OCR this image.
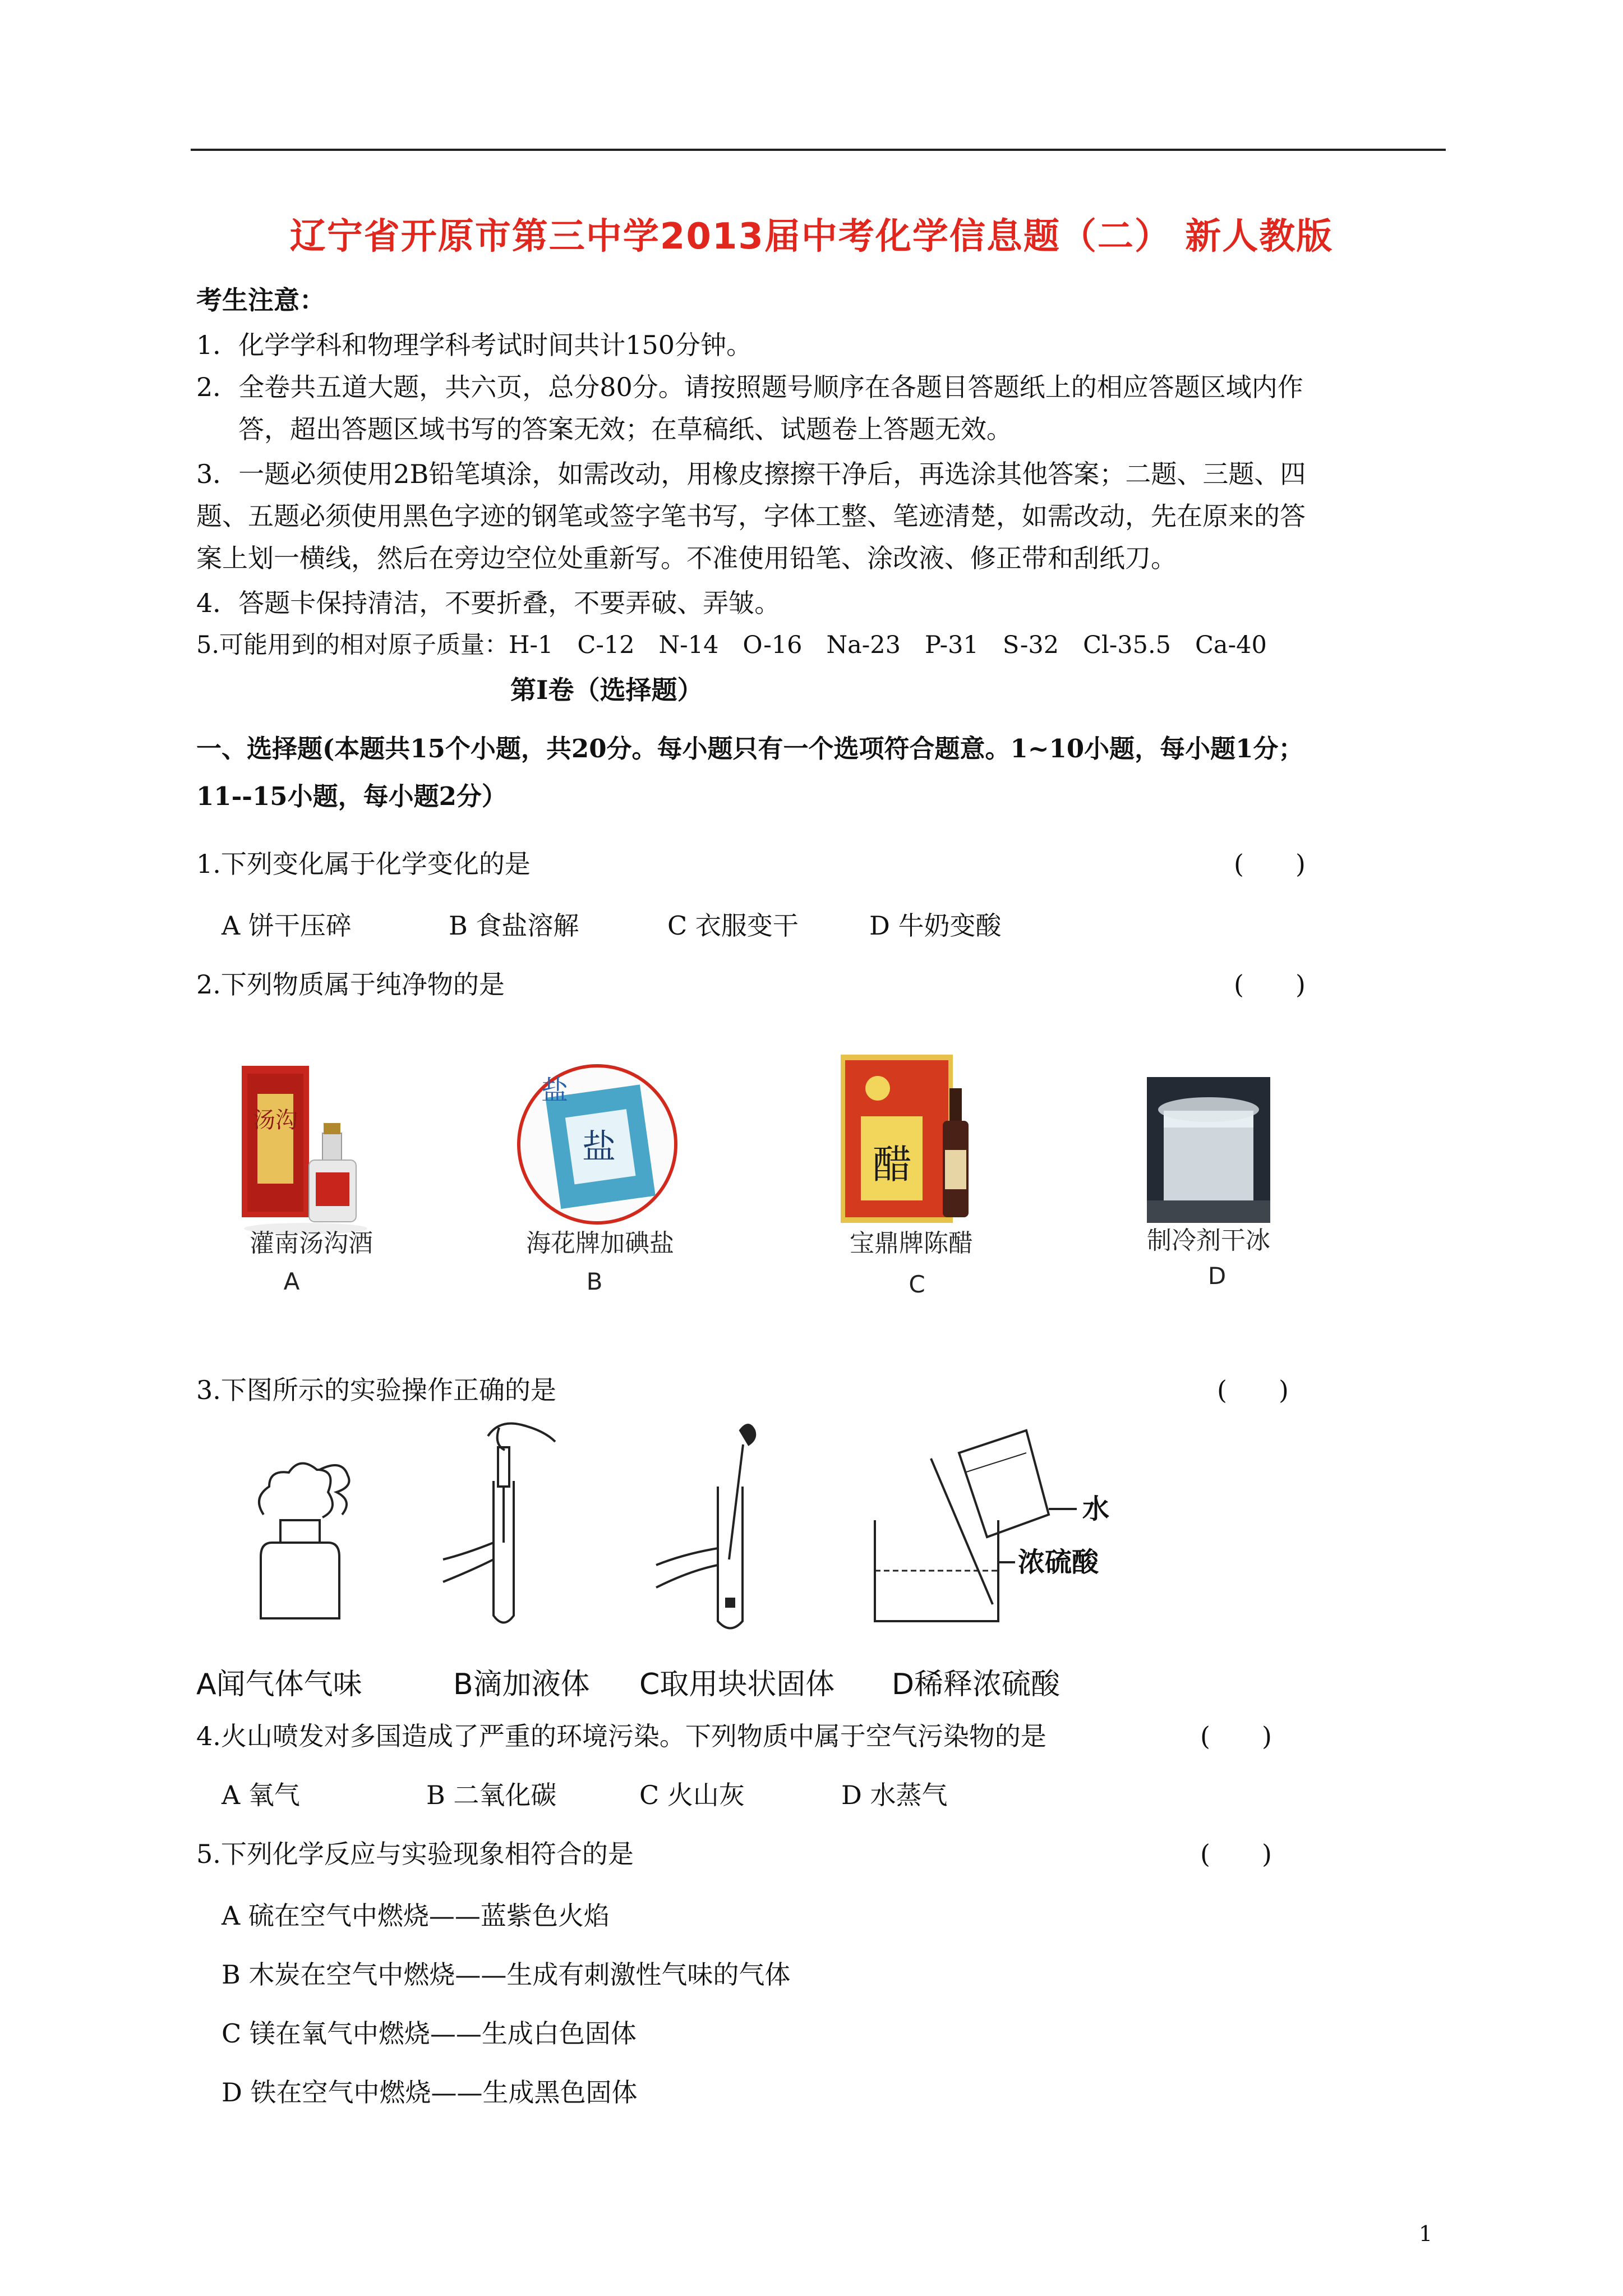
辽宁省开原市第三中学2013届中考化学信息题（二） 新人教版
考生注意：
1．化学学科和物理学科考试时间共计150分钟。
2．全卷共五道大题，共六页，总分80分。请按照题号顺序在各题目答题纸上的相应答题区域内作
答，超出答题区域书写的答案无效；在草稿纸、试题卷上答题无效。
3．一题必须使用2B铅笔填涂，如需改动，用橡皮擦擦干净后，再选涂其他答案；二题、三题、四
题、五题必须使用黑色字迹的钢笔或签字笔书写，字体工整、笔迹清楚，如需改动，先在原来的答
案上划一横线，然后在旁边空位处重新写。不准使用铅笔、涂改液、修正带和刮纸刀。
4．答题卡保持清洁，不要折叠，不要弄破、弄皱。
5.可能用到的相对原子质量：H-1　C-12　N-14　O-16　Na-23　P-31　S-32　Cl-35.5　Ca-40
第Ⅰ卷（选择题）
一、选择题(本题共15个小题，共20分。每小题只有一个选项符合题意。1~10小题，每小题1分；
11--15小题，每小题2分）
1.下列变化属于化学变化的是	(　　)
A 饼干压碎	B 食盐溶解	C 衣服变干	D 牛奶变酸
2.下列物质属于纯净物的是	(　　)
汤沟
灌南汤沟酒
A
盐
盐
海花牌加碘盐
B
醋
宝鼎牌陈醋
C
制冷剂干冰
D
3.下图所示的实验操作正确的是	(　　)
A闻气体气味	B滴加液体 C取用块状固体
水
浓硫酸
D稀释浓硫酸
4.火山喷发对多国造成了严重的环境污染。下列物质中属于空气污染物的是	(　　)
A 氧气	B 二氧化碳	C 火山灰	D 水蒸气
5.下列化学反应与实验现象相符合的是	(　　)
A 硫在空气中燃烧——蓝紫色火焰
B 木炭在空气中燃烧——生成有刺激性气味的气体
C 镁在氧气中燃烧——生成白色固体
D 铁在空气中燃烧——生成黑色固体
1
